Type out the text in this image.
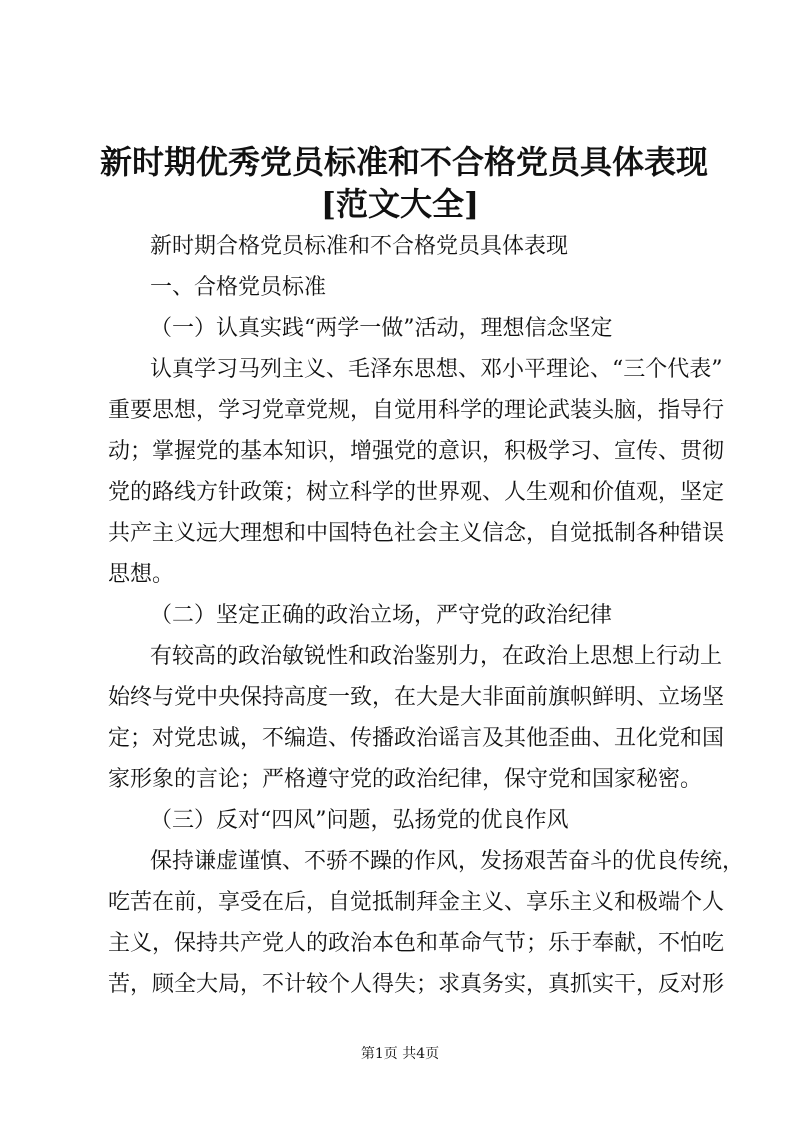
新时期优秀党员标准和不合格党员具体表现
[范文大全]
新时期合格党员标准和不合格党员具体表现
一、合格党员标准
（一）认真实践“两学一做”活动，理想信念坚定
认真学习马列主义、毛泽东思想、邓小平理论、“三个代表”
重要思想，学习党章党规，自觉用科学的理论武装头脑，指导行
动；掌握党的基本知识，增强党的意识，积极学习、宣传、贯彻
党的路线方针政策；树立科学的世界观、人生观和价值观，坚定
共产主义远大理想和中国特色社会主义信念，自觉抵制各种错误
思想。
（二）坚定正确的政治立场，严守党的政治纪律
有较高的政治敏锐性和政治鉴别力，在政治上思想上行动上
始终与党中央保持高度一致，在大是大非面前旗帜鲜明、立场坚
定；对党忠诚，不编造、传播政治谣言及其他歪曲、丑化党和国
家形象的言论；严格遵守党的政治纪律，保守党和国家秘密。
（三）反对“四风”问题，弘扬党的优良作风
保持谦虚谨慎、不骄不躁的作风，发扬艰苦奋斗的优良传统，
吃苦在前，享受在后，自觉抵制拜金主义、享乐主义和极端个人
主义，保持共产党人的政治本色和革命气节；乐于奉献，不怕吃
苦，顾全大局，不计较个人得失；求真务实，真抓实干，反对形
第1页 共4页
